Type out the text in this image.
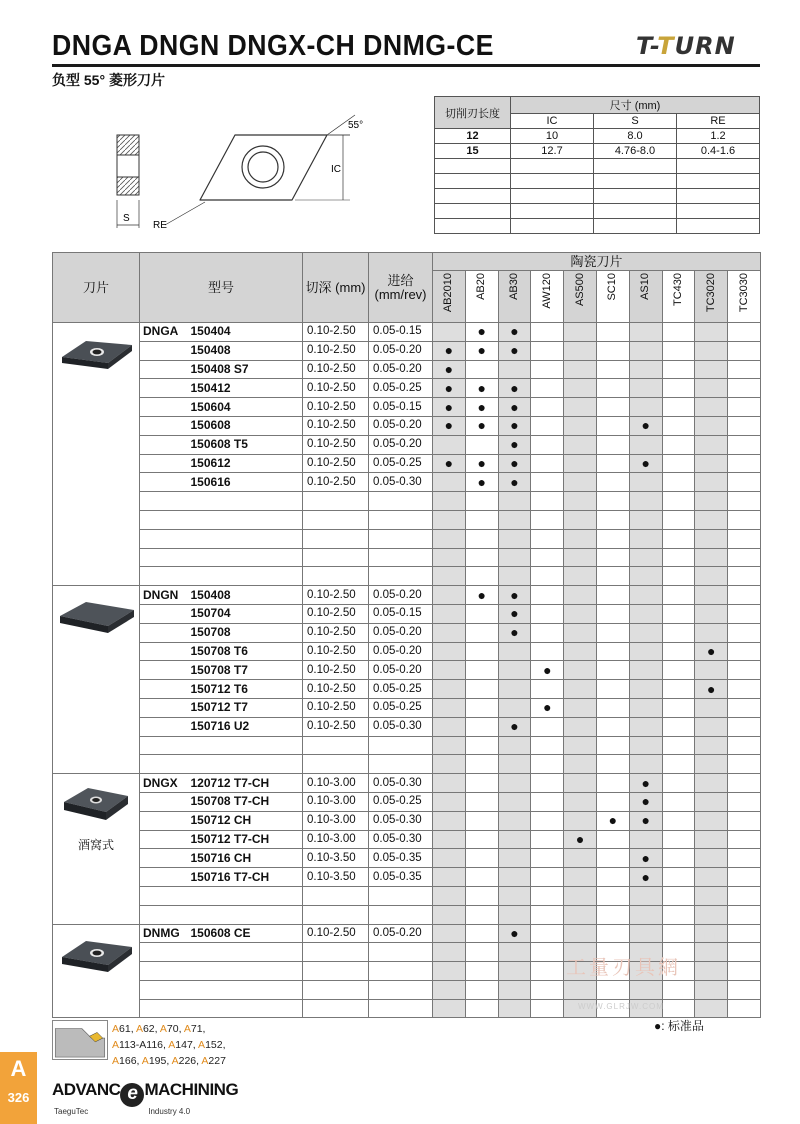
DNGA DNGN DNGX-CH DNMG-CE	T-TURN
负型 55° 菱形刀片
S
55°
IC
RE
切削刃长度	尺寸 (mm)		
	IC	S	RE
12	10	8.0	1.2
15	12.7	4.76-8.0	0.4-1.6

刀片	型号		切深 (mm)	进给 (mm/rev)	陶瓷刀片									
					AB2010	AB20	AB30	AW120	AS500	SC10	AS10	TC430	TC3020	TC3030

	DNGA	150404	0.10-2.50	0.05-0.15		●	●							
		150408	0.10-2.50	0.05-0.20	●	●	●							
		150408 S7	0.10-2.50	0.05-0.20	●									
		150412	0.10-2.50	0.05-0.25	●	●	●							
		150604	0.10-2.50	0.05-0.15	●	●	●							
		150608	0.10-2.50	0.05-0.20	●	●	●				●			
		150608 T5	0.10-2.50	0.05-0.20			●							
		150612	0.10-2.50	0.05-0.25	●	●	●				●			
		150616	0.10-2.50	0.05-0.30		●	●							

	DNGN	150408	0.10-2.50	0.05-0.20		●	●							
		150704	0.10-2.50	0.05-0.15			●							
		150708	0.10-2.50	0.05-0.20			●							
		150708 T6	0.10-2.50	0.05-0.20									●	
		150708 T7	0.10-2.50	0.05-0.20				●						
		150712 T6	0.10-2.50	0.05-0.25									●	
		150712 T7	0.10-2.50	0.05-0.25				●						
		150716 U2	0.10-2.50	0.05-0.30			●							

酒窝式	DNGX	120712 T7-CH	0.10-3.00	0.05-0.30							●			
		150708 T7-CH	0.10-3.00	0.05-0.25							●			
		150712 CH	0.10-3.00	0.05-0.30						●	●			
		150712 T7-CH	0.10-3.00	0.05-0.30					●					
		150716 CH	0.10-3.50	0.05-0.35							●			
		150716 T7-CH	0.10-3.50	0.05-0.35							●			

	DNMG	150608 CE	0.10-2.50	0.05-0.20			●							

工量刃具網
WWW.GLRJW.COM
●: 标准品
A61, A62, A70, A71,
A113-A116, A147, A152,
A166, A195, A226, A227
A
326	ADVANC e MACHINING
TaeguTec	Industry 4.0
